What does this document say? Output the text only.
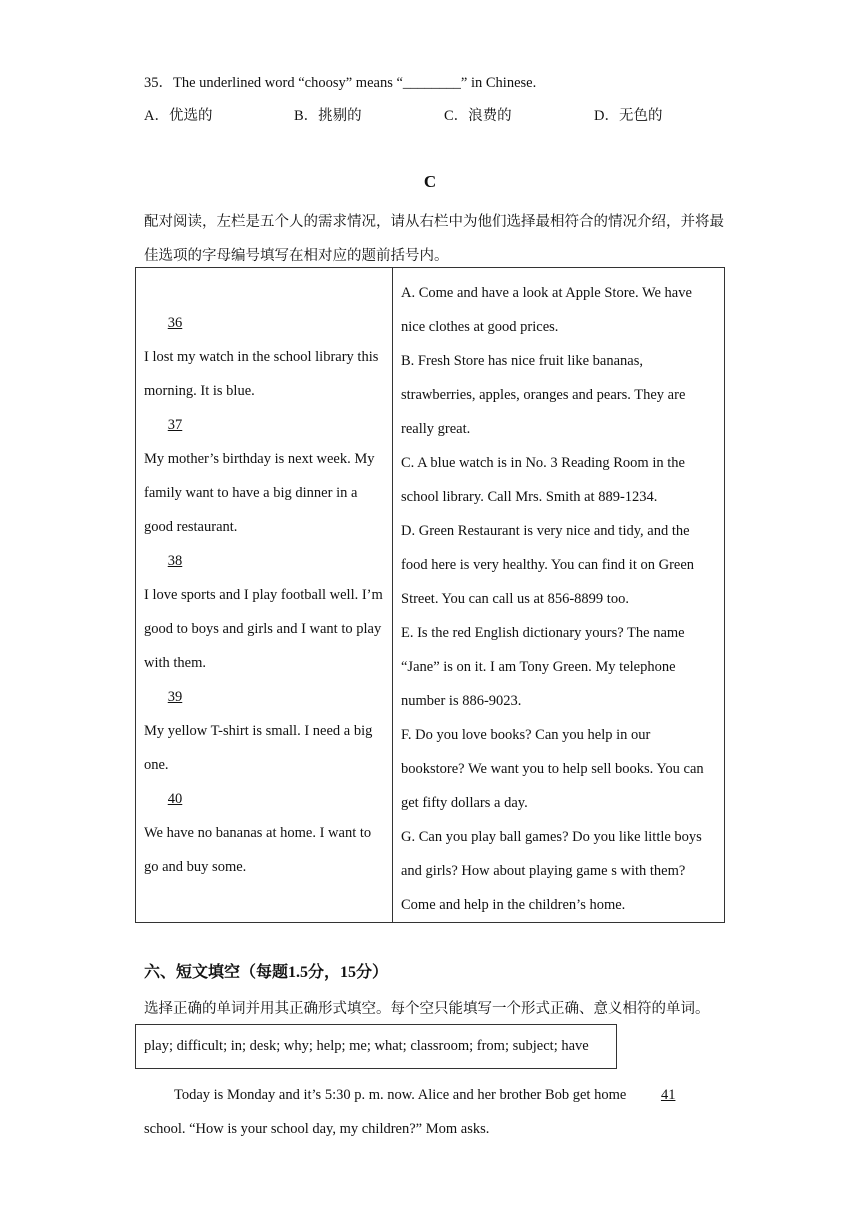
35．The underlined word “choosy” means “________” in Chinese.
A．优选的	B．挑剔的	C．浪费的	D．无色的
C
配对阅读，左栏是五个人的需求情况，请从右栏中为他们选择最相符合的情况介绍，并将最佳选项的字母编号填写在相对应的题前括号内。
36  I lost my watch in the school library this morning. It is blue.
37  My mother’s birthday is next week. My family want to have a big dinner in a good restaurant.
38  I love sports and I play football well. I’m good to boys and girls and I want to play with them.
39  My yellow T-shirt is small. I need a big one.
40  We have no bananas at home. I want to go and buy some.

A. Come and have a look at Apple Store. We have nice clothes at good prices.
B. Fresh Store has nice fruit like bananas, strawberries, apples, oranges and pears. They are really great.
C. A blue watch is in No. 3 Reading Room in the school library. Call Mrs. Smith at 889-1234.
D. Green Restaurant is very nice and tidy, and the food here is very healthy. You can find it on Green Street. You can call us at 856-8899 too.
E. Is the red English dictionary yours? The name “Jane” is on it. I am Tony Green. My telephone number is 886-9023.
F. Do you love books? Can you help in our bookstore? We want you to help sell books. You can get fifty dollars a day.
G. Can you play ball games? Do you like little boys and girls? How about playing game s with them? Come and help in the children’s home.
六、短文填空（每题1.5分，15分）
选择正确的单词并用其正确形式填空。每个空只能填写一个形式正确、意义相符的单词。
play; difficult; in; desk; why; help; me; what; classroom; from; subject; have
Today is Monday and it’s 5:30 p. m. now. Alice and her brother Bob get home 41 school. “How is your school day, my children?” Mom asks.
